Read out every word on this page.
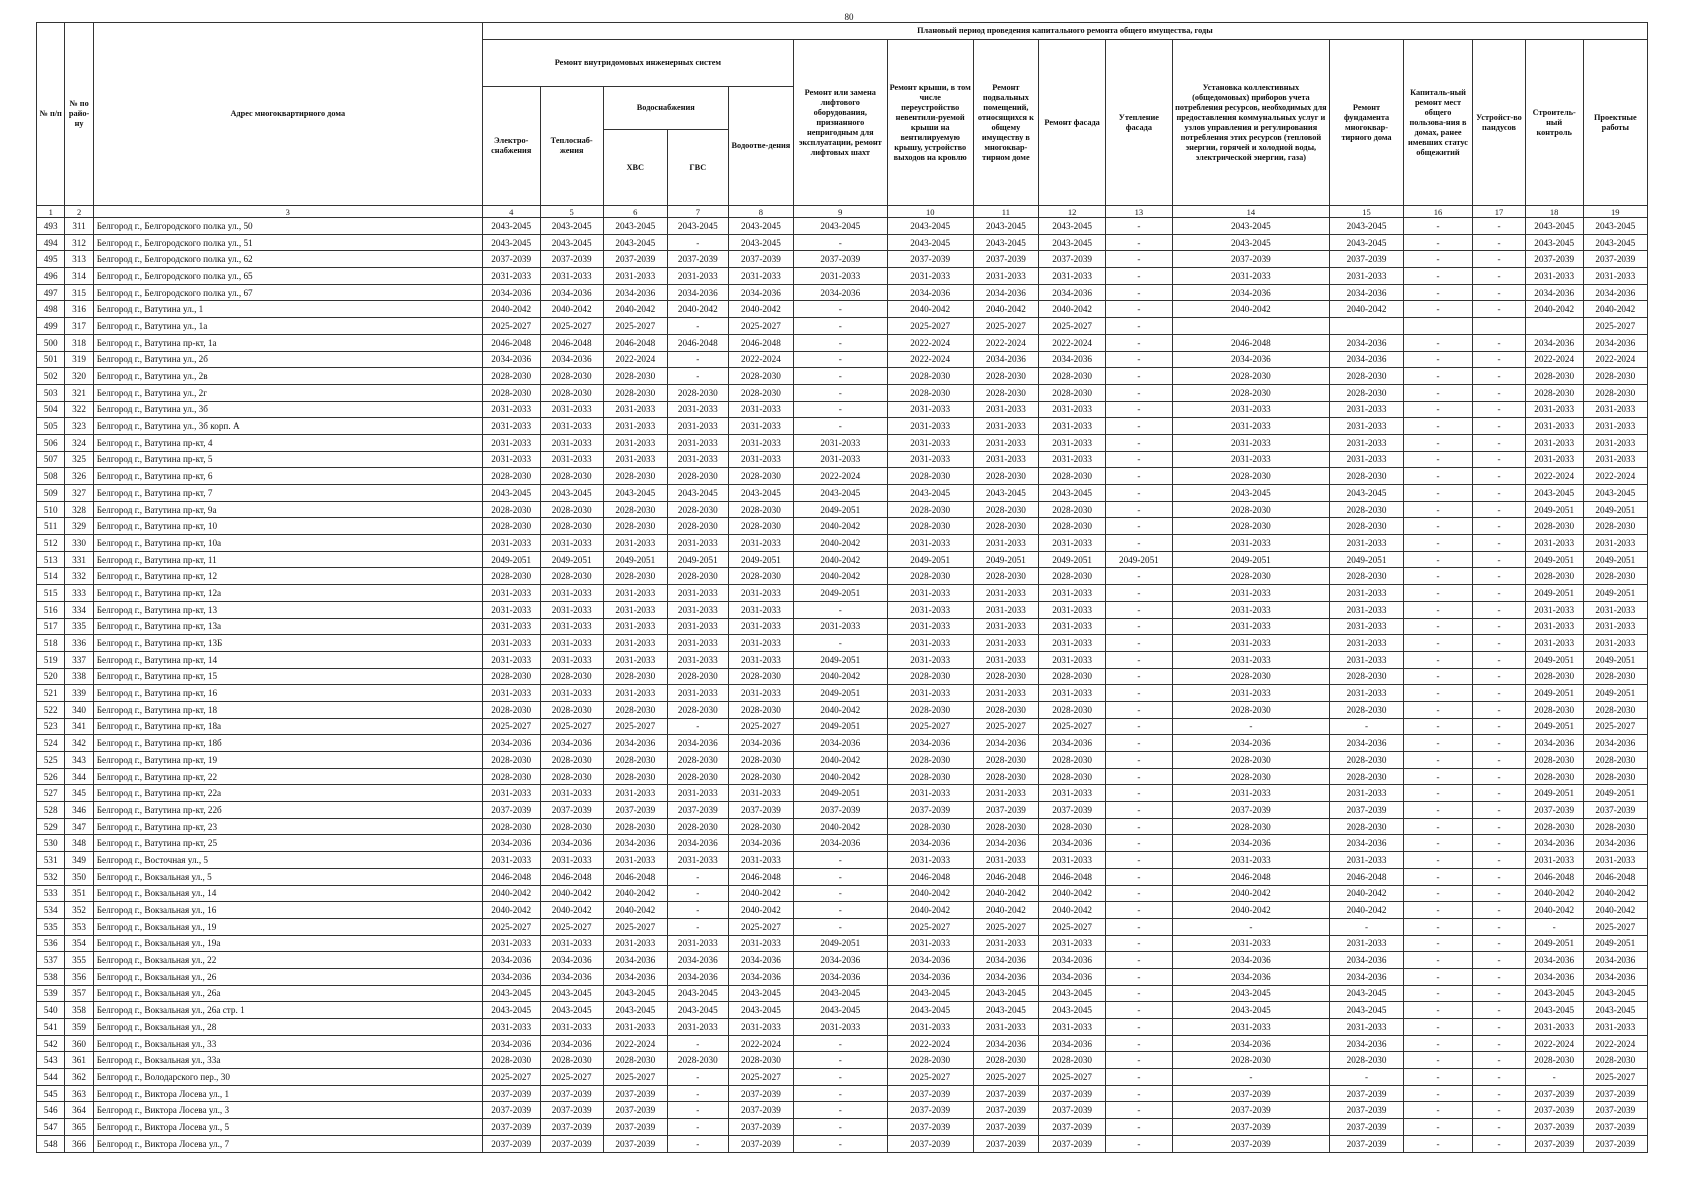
80
№ п/п	№ по райо-ну	Адрес многоквартирного дома	Плановый период проведения капитального ремонта общего имущества, годы															
			Ремонт внутридомовых инженерных систем					Ремонт или замена лифтового оборудования, признанного непригодным для эксплуатации, ремонт лифтовых шахт	Ремонт крыши, в том числе переустройство невентили-руемой крыши на вентилируемую крышу, устройство выходов на кровлю	Ремонт подвальных помещений, относящихся к общему имуществу в многоквар-тирном доме	Ремонт фасада	Утепление фасада	Установка коллективных (общедомовых) приборов учета потребления ресурсов, необходимых для предоставления коммунальных услуг и узлов управления и регулирования потребления этих ресурсов (тепловой энергии, горячей и холодной воды, электрической энергии, газа)	Ремонт фундамента многоквар-тирного дома	Капиталь-ный ремонт мест общего пользова-ния в домах, ранее имевших статус общежитий	Устройст-во пандусов	Строитель-ный контроль	Проектные работы
			Электро-снабжения	Теплоснаб-жения	Водоснабжения		Водоотве-дения											
					ХВС	ГВС												
1	2	3	4	5	6	7	8	9	10	11	12	13	14	15	16	17	18	19
493	311	Белгород г., Белгородского полка ул., 50	2043-2045	2043-2045	2043-2045	2043-2045	2043-2045	2043-2045	2043-2045	2043-2045	2043-2045	-	2043-2045	2043-2045	-	-	2043-2045	2043-2045
494	312	Белгород г., Белгородского полка ул., 51	2043-2045	2043-2045	2043-2045	-	2043-2045	-	2043-2045	2043-2045	2043-2045	-	2043-2045	2043-2045	-	-	2043-2045	2043-2045
495	313	Белгород г., Белгородского полка ул., 62	2037-2039	2037-2039	2037-2039	2037-2039	2037-2039	2037-2039	2037-2039	2037-2039	2037-2039	-	2037-2039	2037-2039	-	-	2037-2039	2037-2039
496	314	Белгород г., Белгородского полка ул., 65	2031-2033	2031-2033	2031-2033	2031-2033	2031-2033	2031-2033	2031-2033	2031-2033	2031-2033	-	2031-2033	2031-2033	-	-	2031-2033	2031-2033
497	315	Белгород г., Белгородского полка ул., 67	2034-2036	2034-2036	2034-2036	2034-2036	2034-2036	2034-2036	2034-2036	2034-2036	2034-2036	-	2034-2036	2034-2036	-	-	2034-2036	2034-2036
498	316	Белгород г., Ватутина ул., 1	2040-2042	2040-2042	2040-2042	2040-2042	2040-2042	-	2040-2042	2040-2042	2040-2042	-	2040-2042	2040-2042	-	-	2040-2042	2040-2042
499	317	Белгород г., Ватутина ул., 1а	2025-2027	2025-2027	2025-2027	-	2025-2027	-	2025-2027	2025-2027	2025-2027	-						2025-2027
500	318	Белгород г., Ватутина пр-кт, 1а	2046-2048	2046-2048	2046-2048	2046-2048	2046-2048	-	2022-2024	2022-2024	2022-2024	-	2046-2048	2034-2036	-	-	2034-2036	2034-2036
501	319	Белгород г., Ватутина ул., 2б	2034-2036	2034-2036	2022-2024	-	2022-2024	-	2022-2024	2034-2036	2034-2036	-	2034-2036	2034-2036	-	-	2022-2024	2022-2024
502	320	Белгород г., Ватутина ул., 2в	2028-2030	2028-2030	2028-2030	-	2028-2030	-	2028-2030	2028-2030	2028-2030	-	2028-2030	2028-2030	-	-	2028-2030	2028-2030
503	321	Белгород г., Ватутина ул., 2г	2028-2030	2028-2030	2028-2030	2028-2030	2028-2030	-	2028-2030	2028-2030	2028-2030	-	2028-2030	2028-2030	-	-	2028-2030	2028-2030
504	322	Белгород г., Ватутина ул., 3б	2031-2033	2031-2033	2031-2033	2031-2033	2031-2033	-	2031-2033	2031-2033	2031-2033	-	2031-2033	2031-2033	-	-	2031-2033	2031-2033
505	323	Белгород г., Ватутина ул., 3б корп. А	2031-2033	2031-2033	2031-2033	2031-2033	2031-2033	-	2031-2033	2031-2033	2031-2033	-	2031-2033	2031-2033	-	-	2031-2033	2031-2033
506	324	Белгород г., Ватутина пр-кт, 4	2031-2033	2031-2033	2031-2033	2031-2033	2031-2033	2031-2033	2031-2033	2031-2033	2031-2033	-	2031-2033	2031-2033	-	-	2031-2033	2031-2033
507	325	Белгород г., Ватутина пр-кт, 5	2031-2033	2031-2033	2031-2033	2031-2033	2031-2033	2031-2033	2031-2033	2031-2033	2031-2033	-	2031-2033	2031-2033	-	-	2031-2033	2031-2033
508	326	Белгород г., Ватутина пр-кт, 6	2028-2030	2028-2030	2028-2030	2028-2030	2028-2030	2022-2024	2028-2030	2028-2030	2028-2030	-	2028-2030	2028-2030	-	-	2022-2024	2022-2024
509	327	Белгород г., Ватутина пр-кт, 7	2043-2045	2043-2045	2043-2045	2043-2045	2043-2045	2043-2045	2043-2045	2043-2045	2043-2045	-	2043-2045	2043-2045	-	-	2043-2045	2043-2045
510	328	Белгород г., Ватутина пр-кт, 9а	2028-2030	2028-2030	2028-2030	2028-2030	2028-2030	2049-2051	2028-2030	2028-2030	2028-2030	-	2028-2030	2028-2030	-	-	2049-2051	2049-2051
511	329	Белгород г., Ватутина пр-кт, 10	2028-2030	2028-2030	2028-2030	2028-2030	2028-2030	2040-2042	2028-2030	2028-2030	2028-2030	-	2028-2030	2028-2030	-	-	2028-2030	2028-2030
512	330	Белгород г., Ватутина пр-кт, 10а	2031-2033	2031-2033	2031-2033	2031-2033	2031-2033	2040-2042	2031-2033	2031-2033	2031-2033	-	2031-2033	2031-2033	-	-	2031-2033	2031-2033
513	331	Белгород г., Ватутина пр-кт, 11	2049-2051	2049-2051	2049-2051	2049-2051	2049-2051	2040-2042	2049-2051	2049-2051	2049-2051	2049-2051	2049-2051	2049-2051	-	-	2049-2051	2049-2051
514	332	Белгород г., Ватутина пр-кт, 12	2028-2030	2028-2030	2028-2030	2028-2030	2028-2030	2040-2042	2028-2030	2028-2030	2028-2030	-	2028-2030	2028-2030	-	-	2028-2030	2028-2030
515	333	Белгород г., Ватутина пр-кт, 12а	2031-2033	2031-2033	2031-2033	2031-2033	2031-2033	2049-2051	2031-2033	2031-2033	2031-2033	-	2031-2033	2031-2033	-	-	2049-2051	2049-2051
516	334	Белгород г., Ватутина пр-кт, 13	2031-2033	2031-2033	2031-2033	2031-2033	2031-2033	-	2031-2033	2031-2033	2031-2033	-	2031-2033	2031-2033	-	-	2031-2033	2031-2033
517	335	Белгород г., Ватутина пр-кт, 13а	2031-2033	2031-2033	2031-2033	2031-2033	2031-2033	2031-2033	2031-2033	2031-2033	2031-2033	-	2031-2033	2031-2033	-	-	2031-2033	2031-2033
518	336	Белгород г., Ватутина пр-кт, 13Б	2031-2033	2031-2033	2031-2033	2031-2033	2031-2033	-	2031-2033	2031-2033	2031-2033	-	2031-2033	2031-2033	-	-	2031-2033	2031-2033
519	337	Белгород г., Ватутина пр-кт, 14	2031-2033	2031-2033	2031-2033	2031-2033	2031-2033	2049-2051	2031-2033	2031-2033	2031-2033	-	2031-2033	2031-2033	-	-	2049-2051	2049-2051
520	338	Белгород г., Ватутина пр-кт, 15	2028-2030	2028-2030	2028-2030	2028-2030	2028-2030	2040-2042	2028-2030	2028-2030	2028-2030	-	2028-2030	2028-2030	-	-	2028-2030	2028-2030
521	339	Белгород г., Ватутина пр-кт, 16	2031-2033	2031-2033	2031-2033	2031-2033	2031-2033	2049-2051	2031-2033	2031-2033	2031-2033	-	2031-2033	2031-2033	-	-	2049-2051	2049-2051
522	340	Белгород г., Ватутина пр-кт, 18	2028-2030	2028-2030	2028-2030	2028-2030	2028-2030	2040-2042	2028-2030	2028-2030	2028-2030	-	2028-2030	2028-2030	-	-	2028-2030	2028-2030
523	341	Белгород г., Ватутина пр-кт, 18а	2025-2027	2025-2027	2025-2027	-	2025-2027	2049-2051	2025-2027	2025-2027	2025-2027	-	-	-	-	-	2049-2051	2025-2027
524	342	Белгород г., Ватутина пр-кт, 18б	2034-2036	2034-2036	2034-2036	2034-2036	2034-2036	2034-2036	2034-2036	2034-2036	2034-2036	-	2034-2036	2034-2036	-	-	2034-2036	2034-2036
525	343	Белгород г., Ватутина пр-кт, 19	2028-2030	2028-2030	2028-2030	2028-2030	2028-2030	2040-2042	2028-2030	2028-2030	2028-2030	-	2028-2030	2028-2030	-	-	2028-2030	2028-2030
526	344	Белгород г., Ватутина пр-кт, 22	2028-2030	2028-2030	2028-2030	2028-2030	2028-2030	2040-2042	2028-2030	2028-2030	2028-2030	-	2028-2030	2028-2030	-	-	2028-2030	2028-2030
527	345	Белгород г., Ватутина пр-кт, 22а	2031-2033	2031-2033	2031-2033	2031-2033	2031-2033	2049-2051	2031-2033	2031-2033	2031-2033	-	2031-2033	2031-2033	-	-	2049-2051	2049-2051
528	346	Белгород г., Ватутина пр-кт, 22б	2037-2039	2037-2039	2037-2039	2037-2039	2037-2039	2037-2039	2037-2039	2037-2039	2037-2039	-	2037-2039	2037-2039	-	-	2037-2039	2037-2039
529	347	Белгород г., Ватутина пр-кт, 23	2028-2030	2028-2030	2028-2030	2028-2030	2028-2030	2040-2042	2028-2030	2028-2030	2028-2030	-	2028-2030	2028-2030	-	-	2028-2030	2028-2030
530	348	Белгород г., Ватутина пр-кт, 25	2034-2036	2034-2036	2034-2036	2034-2036	2034-2036	2034-2036	2034-2036	2034-2036	2034-2036	-	2034-2036	2034-2036	-	-	2034-2036	2034-2036
531	349	Белгород г., Восточная ул., 5	2031-2033	2031-2033	2031-2033	2031-2033	2031-2033	-	2031-2033	2031-2033	2031-2033	-	2031-2033	2031-2033	-	-	2031-2033	2031-2033
532	350	Белгород г., Вокзальная ул., 5	2046-2048	2046-2048	2046-2048	-	2046-2048	-	2046-2048	2046-2048	2046-2048	-	2046-2048	2046-2048	-	-	2046-2048	2046-2048
533	351	Белгород г., Вокзальная ул., 14	2040-2042	2040-2042	2040-2042	-	2040-2042	-	2040-2042	2040-2042	2040-2042	-	2040-2042	2040-2042	-	-	2040-2042	2040-2042
534	352	Белгород г., Вокзальная ул., 16	2040-2042	2040-2042	2040-2042	-	2040-2042	-	2040-2042	2040-2042	2040-2042	-	2040-2042	2040-2042	-	-	2040-2042	2040-2042
535	353	Белгород г., Вокзальная ул., 19	2025-2027	2025-2027	2025-2027	-	2025-2027	-	2025-2027	2025-2027	2025-2027	-	-	-	-	-	-	2025-2027
536	354	Белгород г., Вокзальная ул., 19а	2031-2033	2031-2033	2031-2033	2031-2033	2031-2033	2049-2051	2031-2033	2031-2033	2031-2033	-	2031-2033	2031-2033	-	-	2049-2051	2049-2051
537	355	Белгород г., Вокзальная ул., 22	2034-2036	2034-2036	2034-2036	2034-2036	2034-2036	2034-2036	2034-2036	2034-2036	2034-2036	-	2034-2036	2034-2036	-	-	2034-2036	2034-2036
538	356	Белгород г., Вокзальная ул., 26	2034-2036	2034-2036	2034-2036	2034-2036	2034-2036	2034-2036	2034-2036	2034-2036	2034-2036	-	2034-2036	2034-2036	-	-	2034-2036	2034-2036
539	357	Белгород г., Вокзальная ул., 26а	2043-2045	2043-2045	2043-2045	2043-2045	2043-2045	2043-2045	2043-2045	2043-2045	2043-2045	-	2043-2045	2043-2045	-	-	2043-2045	2043-2045
540	358	Белгород г., Вокзальная ул., 26а стр. 1	2043-2045	2043-2045	2043-2045	2043-2045	2043-2045	2043-2045	2043-2045	2043-2045	2043-2045	-	2043-2045	2043-2045	-	-	2043-2045	2043-2045
541	359	Белгород г., Вокзальная ул., 28	2031-2033	2031-2033	2031-2033	2031-2033	2031-2033	2031-2033	2031-2033	2031-2033	2031-2033	-	2031-2033	2031-2033	-	-	2031-2033	2031-2033
542	360	Белгород г., Вокзальная ул., 33	2034-2036	2034-2036	2022-2024	-	2022-2024	-	2022-2024	2034-2036	2034-2036	-	2034-2036	2034-2036	-	-	2022-2024	2022-2024
543	361	Белгород г., Вокзальная ул., 33а	2028-2030	2028-2030	2028-2030	2028-2030	2028-2030	-	2028-2030	2028-2030	2028-2030	-	2028-2030	2028-2030	-	-	2028-2030	2028-2030
544	362	Белгород г., Володарского пер., 30	2025-2027	2025-2027	2025-2027	-	2025-2027	-	2025-2027	2025-2027	2025-2027	-	-	-	-	-	-	2025-2027
545	363	Белгород г., Виктора Лосева ул., 1	2037-2039	2037-2039	2037-2039	-	2037-2039	-	2037-2039	2037-2039	2037-2039	-	2037-2039	2037-2039	-	-	2037-2039	2037-2039
546	364	Белгород г., Виктора Лосева ул., 3	2037-2039	2037-2039	2037-2039	-	2037-2039	-	2037-2039	2037-2039	2037-2039	-	2037-2039	2037-2039	-	-	2037-2039	2037-2039
547	365	Белгород г., Виктора Лосева ул., 5	2037-2039	2037-2039	2037-2039	-	2037-2039	-	2037-2039	2037-2039	2037-2039	-	2037-2039	2037-2039	-	-	2037-2039	2037-2039
548	366	Белгород г., Виктора Лосева ул., 7	2037-2039	2037-2039	2037-2039	-	2037-2039	-	2037-2039	2037-2039	2037-2039	-	2037-2039	2037-2039	-	-	2037-2039	2037-2039
